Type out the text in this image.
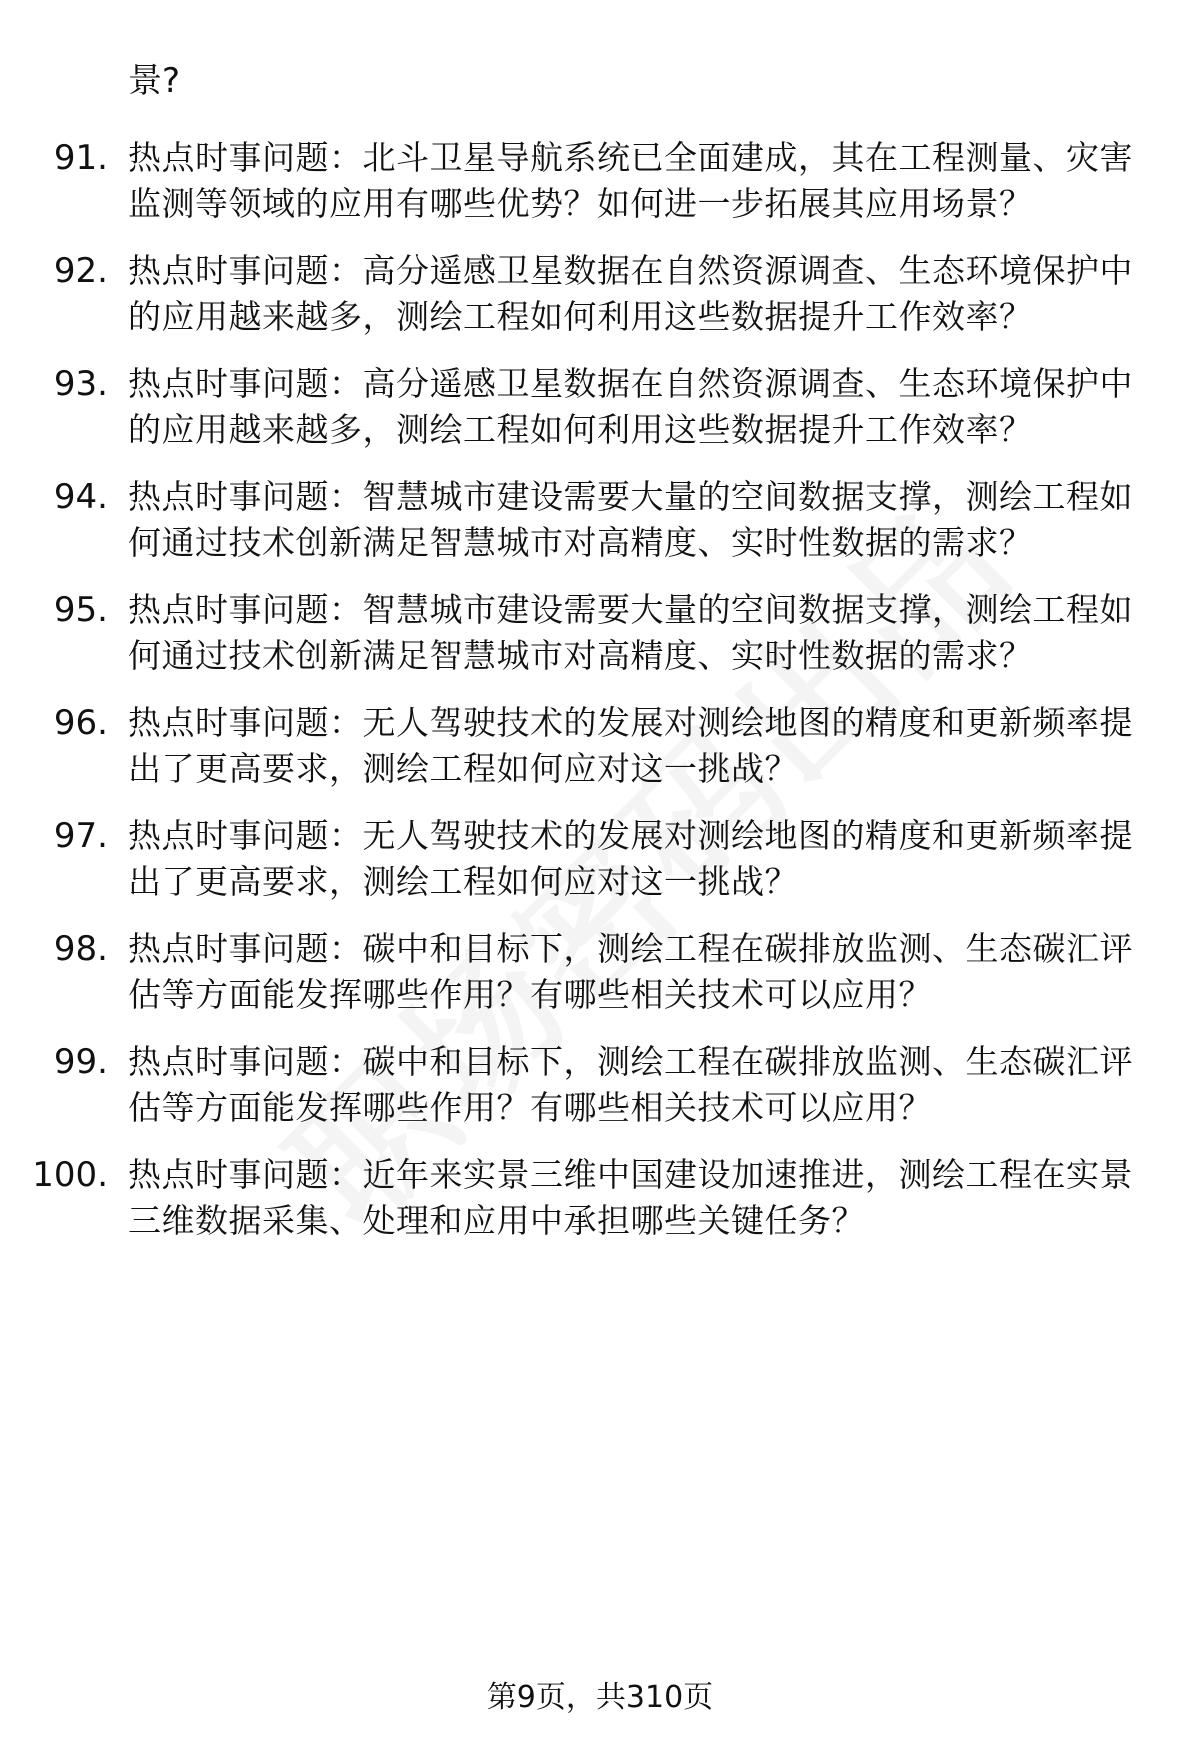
景?
91. 热点时事问题：北斗卫星导航系统已全面建成，其在工程测量、灾害监测等领域的应用有哪些优势？如何进一步拓展其应用场景？
92. 热点时事问题：高分遥感卫星数据在自然资源调查、生态环境保护中的应用越来越多，测绘工程如何利用这些数据提升工作效率？
93. 热点时事问题：高分遥感卫星数据在自然资源调查、生态环境保护中的应用越来越多，测绘工程如何利用这些数据提升工作效率？
94. 热点时事问题：智慧城市建设需要大量的空间数据支撑，测绘工程如何通过技术创新满足智慧城市对高精度、实时性数据的需求？
95. 热点时事问题：智慧城市建设需要大量的空间数据支撑，测绘工程如何通过技术创新满足智慧城市对高精度、实时性数据的需求？
96. 热点时事问题：无人驾驶技术的发展对测绘地图的精度和更新频率提出了更高要求，测绘工程如何应对这一挑战？
97. 热点时事问题：无人驾驶技术的发展对测绘地图的精度和更新频率提出了更高要求，测绘工程如何应对这一挑战？
98. 热点时事问题：碳中和目标下，测绘工程在碳排放监测、生态碳汇评估等方面能发挥哪些作用？有哪些相关技术可以应用？
99. 热点时事问题：碳中和目标下，测绘工程在碳排放监测、生态碳汇评估等方面能发挥哪些作用？有哪些相关技术可以应用？
100. 热点时事问题：近年来实景三维中国建设加速推进，测绘工程在实景三维数据采集、处理和应用中承担哪些关键任务？
第9页，共310页
